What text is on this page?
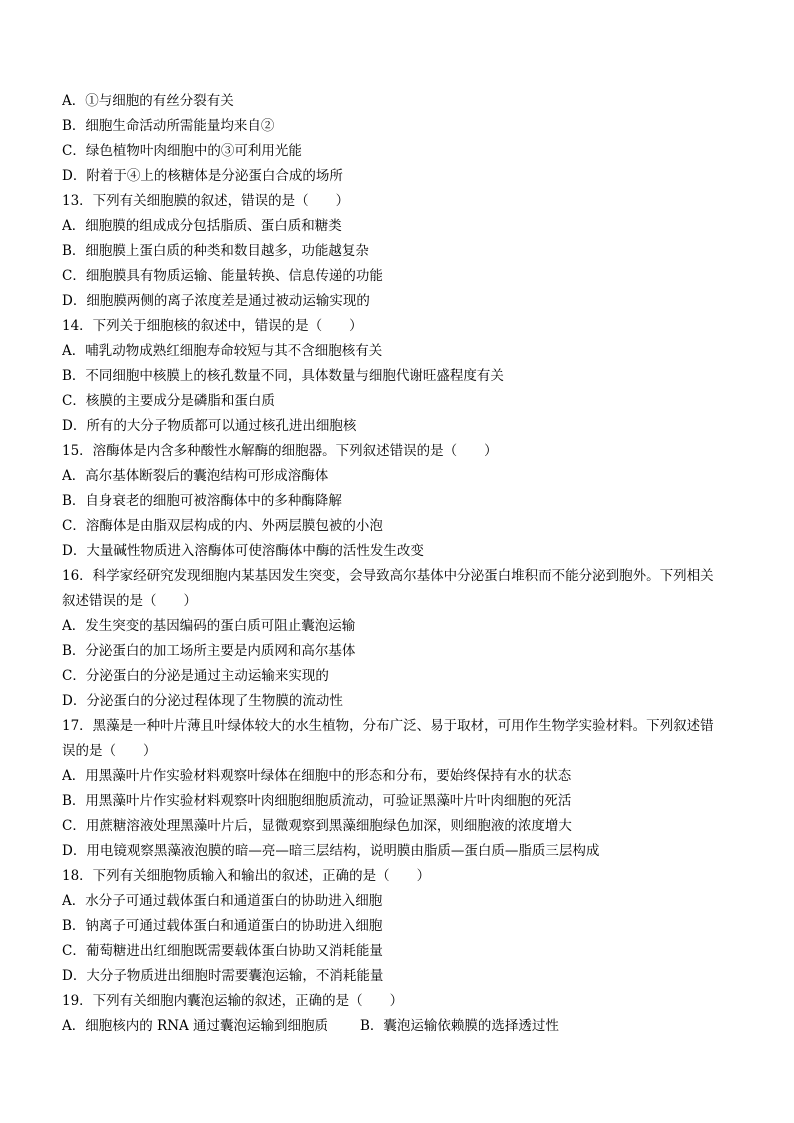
A．①与细胞的有丝分裂有关
B．细胞生命活动所需能量均来自②
C．绿色植物叶肉细胞中的③可利用光能
D．附着于④上的核糖体是分泌蛋白合成的场所
13．下列有关细胞膜的叙述，错误的是（　　）
A．细胞膜的组成成分包括脂质、蛋白质和糖类
B．细胞膜上蛋白质的种类和数目越多，功能越复杂
C．细胞膜具有物质运输、能量转换、信息传递的功能
D．细胞膜两侧的离子浓度差是通过被动运输实现的
14．下列关于细胞核的叙述中，错误的是（　　）
A．哺乳动物成熟红细胞寿命较短与其不含细胞核有关
B．不同细胞中核膜上的核孔数量不同，具体数量与细胞代谢旺盛程度有关
C．核膜的主要成分是磷脂和蛋白质
D．所有的大分子物质都可以通过核孔进出细胞核
15．溶酶体是内含多种酸性水解酶的细胞器。下列叙述错误的是（　　）
A．高尔基体断裂后的囊泡结构可形成溶酶体
B．自身衰老的细胞可被溶酶体中的多种酶降解
C．溶酶体是由脂双层构成的内、外两层膜包被的小泡
D．大量碱性物质进入溶酶体可使溶酶体中酶的活性发生改变
16．科学家经研究发现细胞内某基因发生突变，会导致高尔基体中分泌蛋白堆积而不能分泌到胞外。下列相关
叙述错误的是（　　）
A．发生突变的基因编码的蛋白质可阻止囊泡运输
B．分泌蛋白的加工场所主要是内质网和高尔基体
C．分泌蛋白的分泌是通过主动运输来实现的
D．分泌蛋白的分泌过程体现了生物膜的流动性
17．黑藻是一种叶片薄且叶绿体较大的水生植物，分布广泛、易于取材，可用作生物学实验材料。下列叙述错
误的是（　　）
A．用黑藻叶片作实验材料观察叶绿体在细胞中的形态和分布，要始终保持有水的状态
B．用黑藻叶片作实验材料观察叶肉细胞细胞质流动，可验证黑藻叶片叶肉细胞的死活
C．用蔗糖溶液处理黑藻叶片后，显微观察到黑藻细胞绿色加深，则细胞液的浓度增大
D．用电镜观察黑藻液泡膜的暗—亮—暗三层结构，说明膜由脂质—蛋白质—脂质三层构成
18．下列有关细胞物质输入和输出的叙述，正确的是（　　）
A．水分子可通过载体蛋白和通道蛋白的协助进入细胞
B．钠离子可通过载体蛋白和通道蛋白的协助进入细胞
C．葡萄糖进出红细胞既需要载体蛋白协助又消耗能量
D．大分子物质进出细胞时需要囊泡运输，不消耗能量
19．下列有关细胞内囊泡运输的叙述，正确的是（　　）
A．细胞核内的 RNA 通过囊泡运输到细胞质	B．囊泡运输依赖膜的选择透过性
